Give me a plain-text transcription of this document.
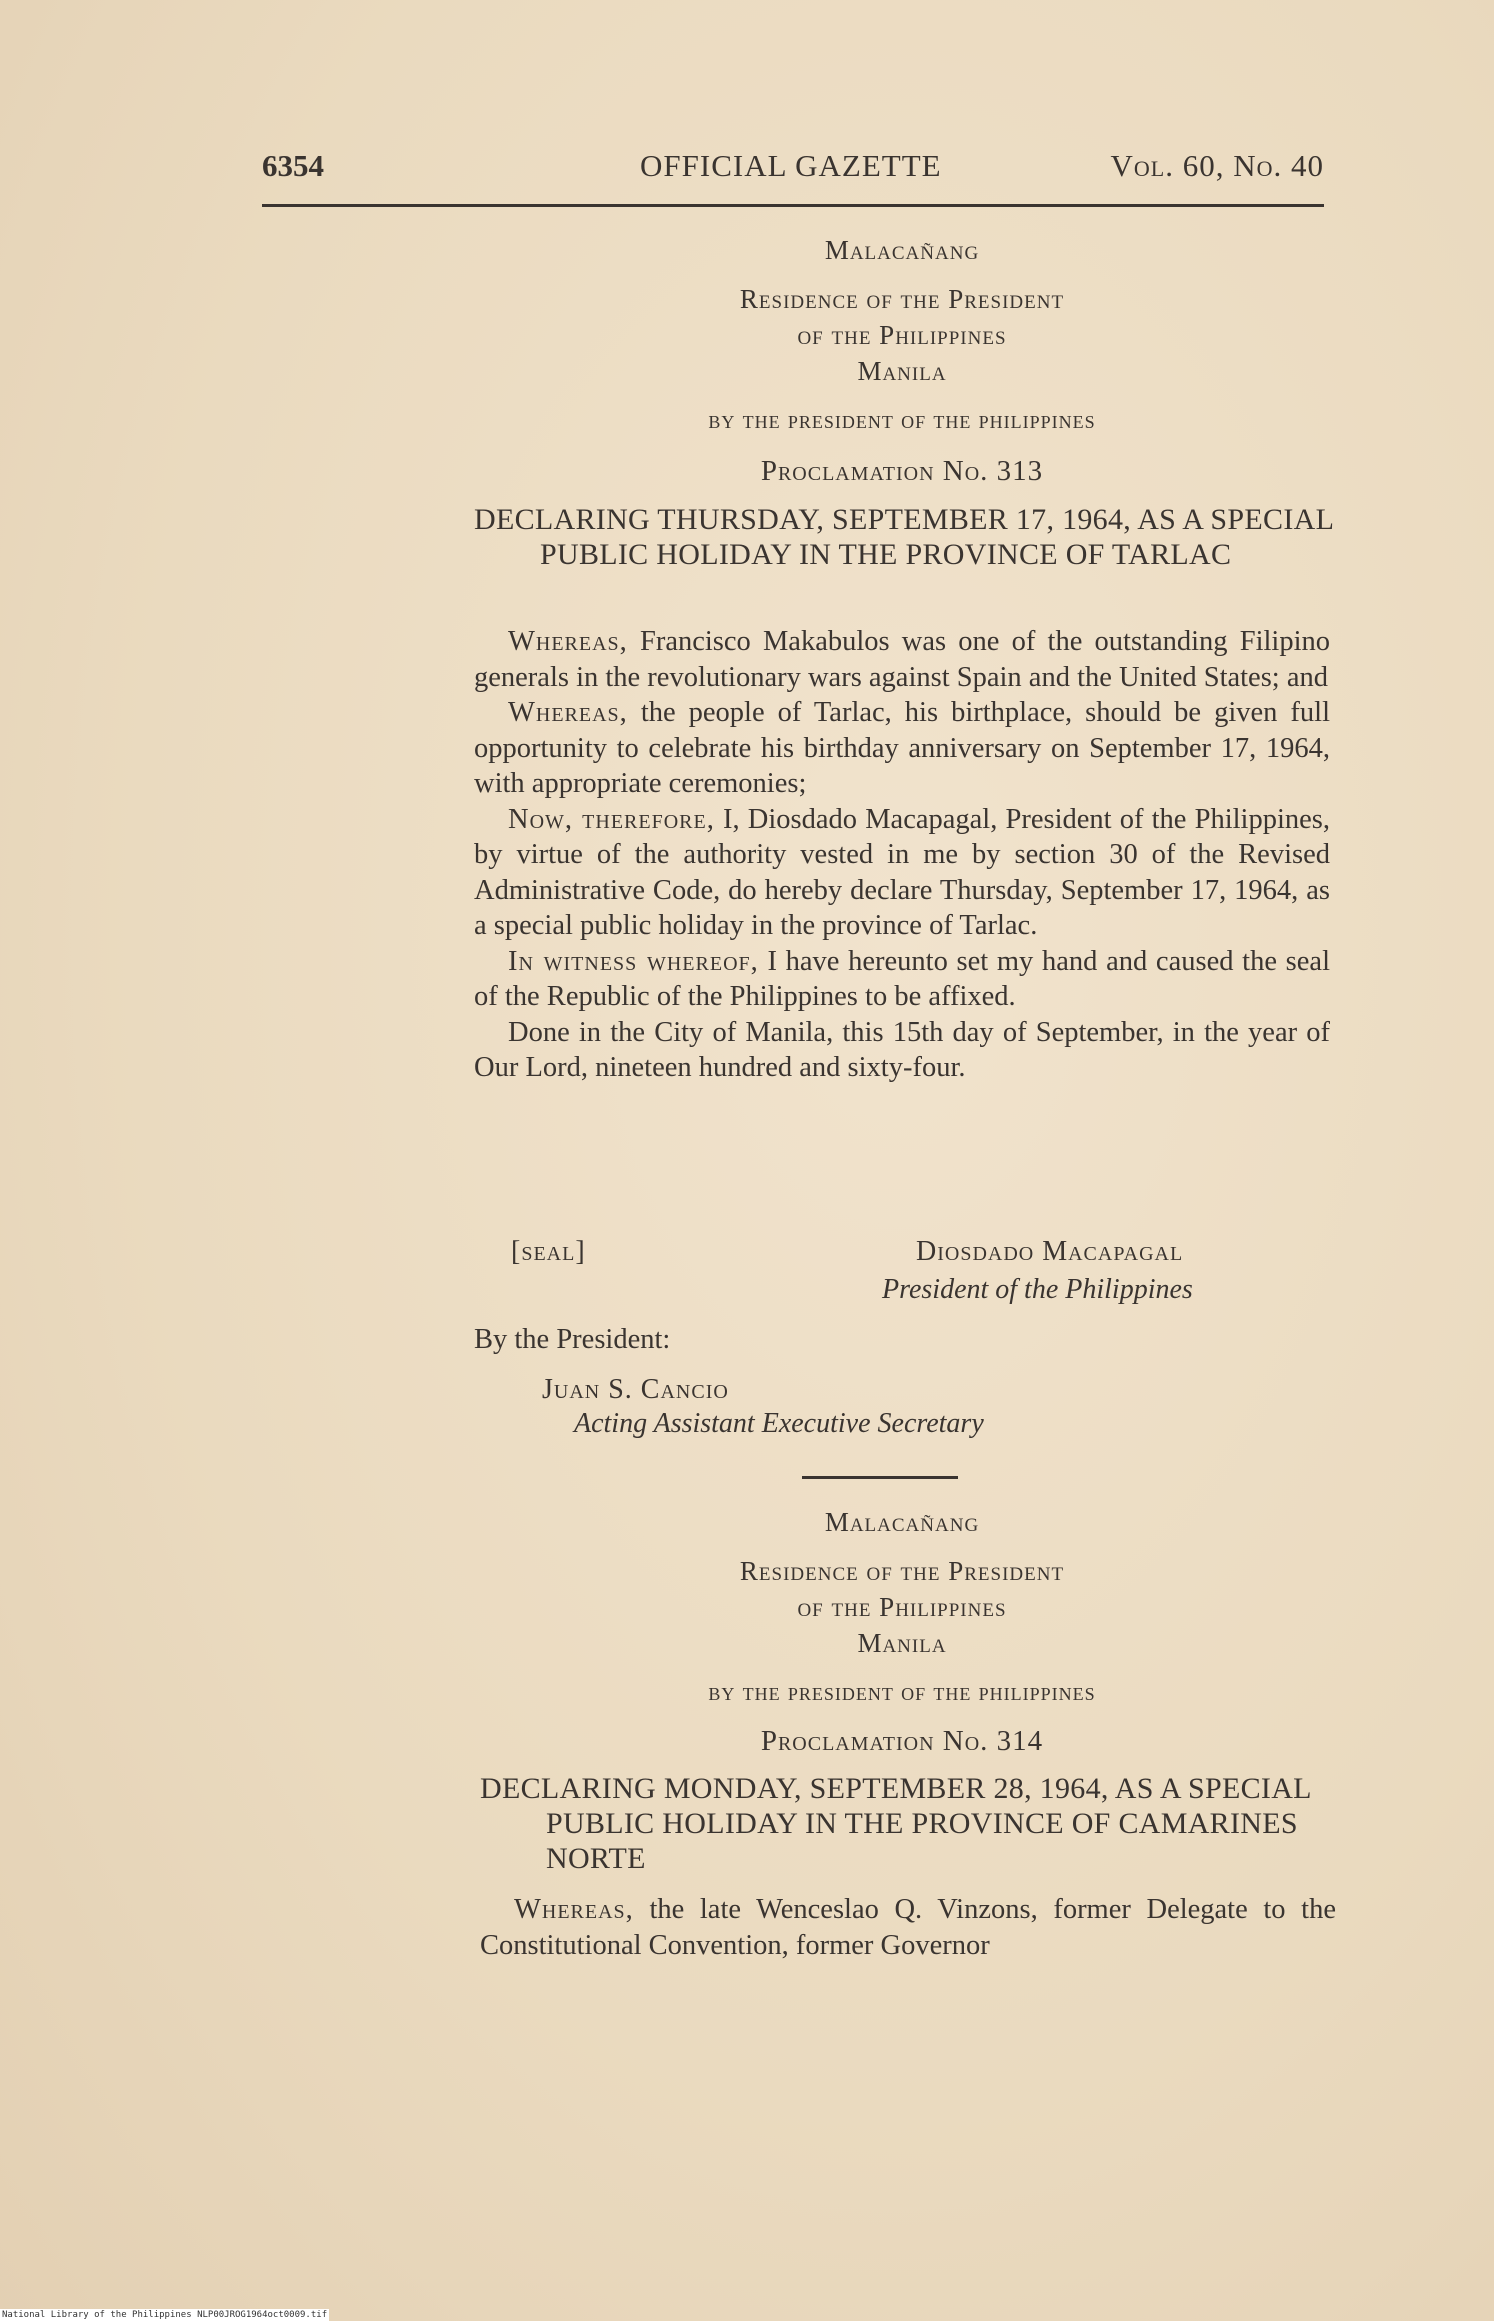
6354	OFFICIAL GAZETTE	Vol. 60, No. 40
Malacañang
Residence of the President
of the Philippines
Manila
by the president of the philippines
Proclamation No. 313
DECLARING THURSDAY, SEPTEMBER 17, 1964, AS A SPECIAL PUBLIC HOLIDAY IN THE PROVINCE OF TARLAC

Whereas, Francisco Makabulos was one of the outstanding Filipino generals in the revolutionary wars against Spain and the United States; and

Whereas, the people of Tarlac, his birthplace, should be given full opportunity to celebrate his birthday anniversary on September 17, 1964, with appropriate ceremonies;

Now, therefore, I, Diosdado Macapagal, President of the Philippines, by virtue of the authority vested in me by section 30 of the Revised Administrative Code, do hereby declare Thursday, September 17, 1964, as a special public holiday in the province of Tarlac.

In witness whereof, I have hereunto set my hand and caused the seal of the Republic of the Philippines to be affixed.

Done in the City of Manila, this 15th day of September, in the year of Our Lord, nineteen hundred and sixty-four.

[seal]	Diosdado Macapagal
President of the Philippines
By the President:
Juan S. Cancio
Acting Assistant Executive Secretary
Malacañang
Residence of the President
of the Philippines
Manila
by the president of the philippines
Proclamation No. 314
DECLARING MONDAY, SEPTEMBER 28, 1964, AS A SPECIAL PUBLIC HOLIDAY IN THE PROVINCE OF CAMARINES NORTE

Whereas, the late Wenceslao Q. Vinzons, former Delegate to the Constitutional Convention, former Governor

National Library of the Philippines NLP00JROG1964oct0009.tif
